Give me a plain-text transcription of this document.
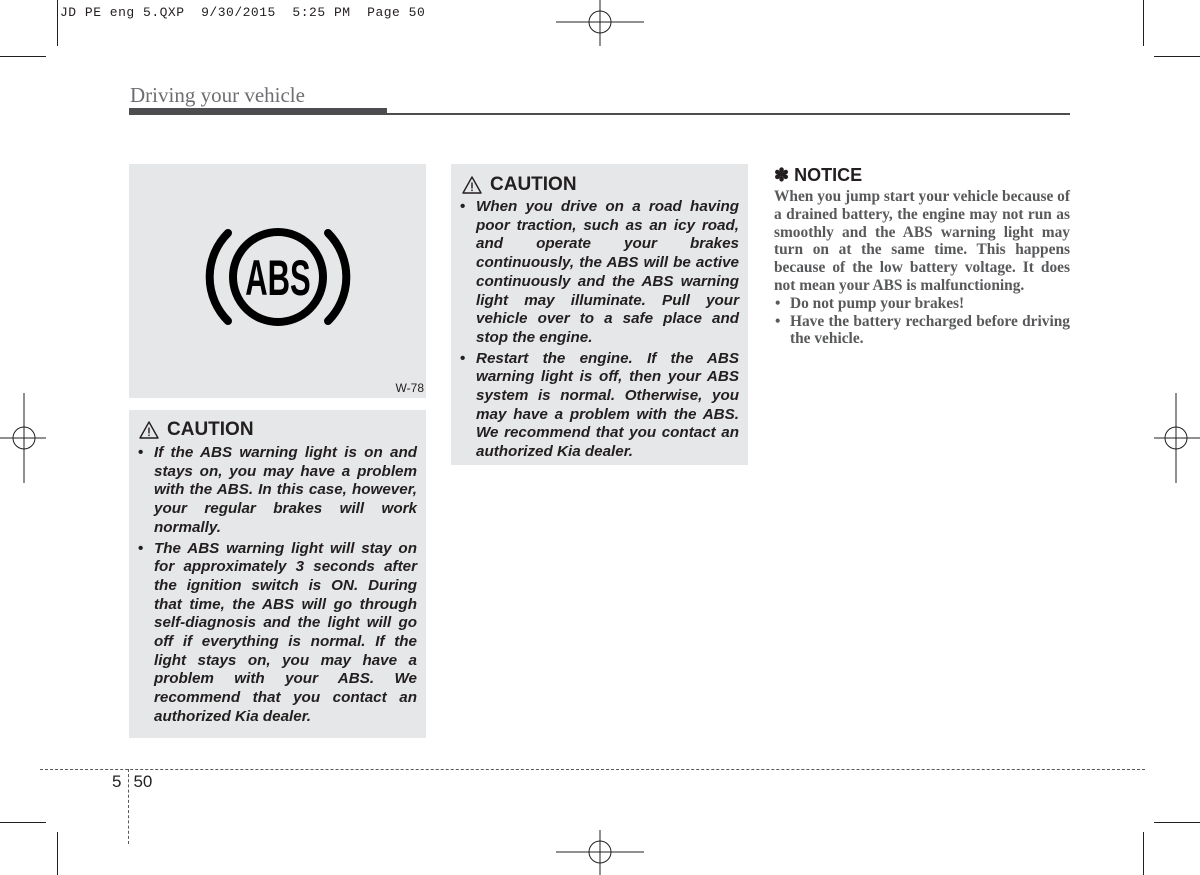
JD PE eng 5.QXP  9/30/2015  5:25 PM  Page 50
Driving your vehicle
ABS
W-78
CAUTION
• If the ABS warning light is on and stays on, you may have a problem with the ABS. In this case, however, your regular brakes will work normally.
• The ABS warning light will stay on for approximately 3 seconds after the ignition switch is ON. During that time, the ABS will go through self-diagnosis and the light will go off if everything is normal. If the light stays on, you may have a problem with your ABS. We recommend that you contact an authorized Kia dealer.
CAUTION
• When you drive on a road having poor traction, such as an icy road, and operate your brakes continuously, the ABS will be active continuously and the ABS warning light may illuminate. Pull your vehicle over to a safe place and stop the engine.
• Restart the engine. If the ABS warning light is off, then your ABS system is normal. Otherwise, you may have a problem with the ABS. We recommend that you contact an authorized Kia dealer.
✽ NOTICE

When you jump start your vehicle because of a drained battery, the engine may not run as smoothly and the ABS warning light may turn on at the same time. This happens because of the low battery voltage. It does not mean your ABS is malfunctioning.

• Do not pump your brakes!
• Have the battery recharged before driving the vehicle.
5 50
